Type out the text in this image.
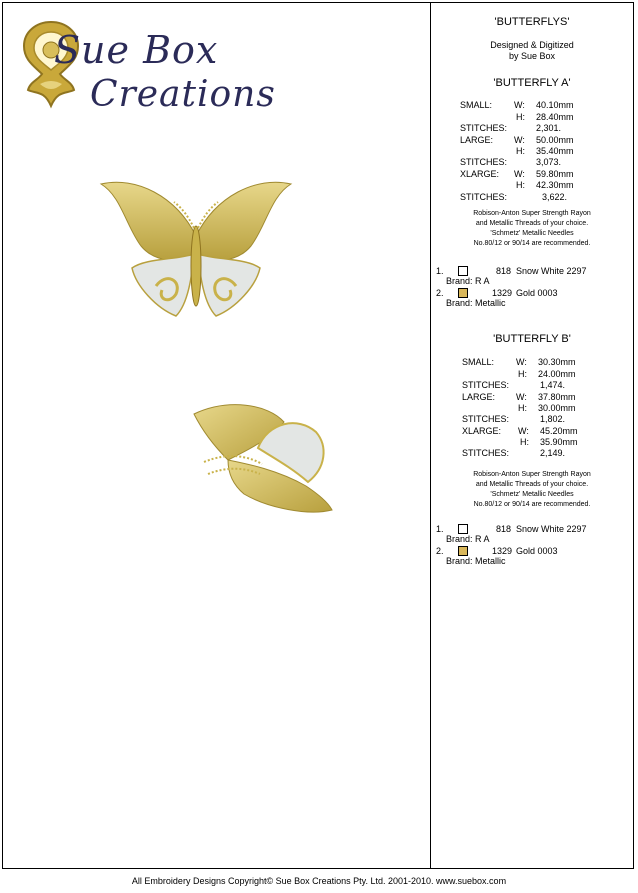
Sue Box
Creations
'BUTTERFLYS'
Designed & Digitized
by Sue Box
'BUTTERFLY A'
SMALL: W: 40.10mm
H: 28.40mm
STITCHES:	2,301.
LARGE: W: 50.00mm
H: 35.40mm
STITCHES:	3,073.
XLARGE: W: 59.80mm
H: 42.30mm
STITCHES:	3,622.
Robison-Anton Super Strength Rayon
and Metallic Threads of your choice.
'Schmetz' Metallic Needles
No.80/12 or 90/14 are recommended.
1.	818 Snow White 2297
Brand: R A
2.	1329 Gold 0003
Brand: Metallic
'BUTTERFLY B'
SMALL: W: 30.30mm
H: 24.00mm
STITCHES:	1,474.
LARGE: W: 37.80mm
H: 30.00mm
STITCHES:	1,802.
XLARGE: W: 45.20mm
H: 35.90mm
STITCHES:	2,149.
Robison-Anton Super Strength Rayon
and Metallic Threads of your choice.
'Schmetz' Metallic Needles
No.80/12 or 90/14 are recommended.
1.	818 Snow White 2297
Brand: R A
2.	1329 Gold 0003
Brand: Metallic
All Embroidery Designs Copyright© Sue Box Creations Pty. Ltd. 2001-2010. www.suebox.com
